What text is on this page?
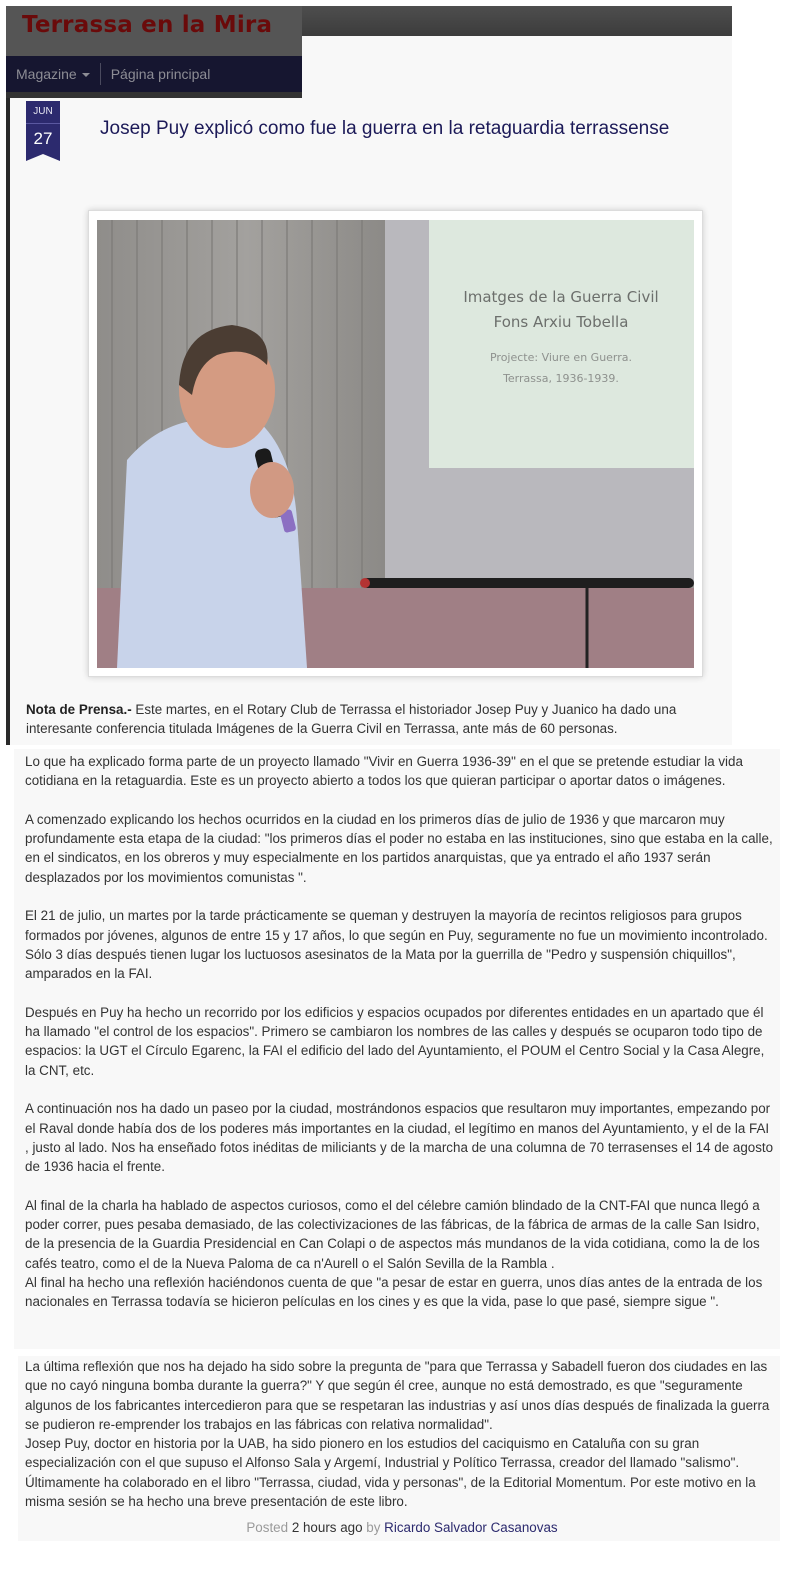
Terrassa en la Mira
Magazine	Página principal
JUN
27	Josep Puy explicó como fue la guerra en la retaguardia terrassense
Imatges de la Guerra Civil
Fons Arxiu Tobella
Projecte: Viure en Guerra.
Terrassa, 1936-1939.

Nota de Prensa.- Este martes, en el Rotary Club de Terrassa el historiador Josep Puy y Juanico ha dado una interesante conferencia titulada Imágenes de la Guerra Civil en Terrassa, ante más de 60 personas.

Lo que ha explicado forma parte de un proyecto llamado "Vivir en Guerra 1936-39" en el que se pretende estudiar la vida cotidiana en la retaguardia. Este es un proyecto abierto a todos los que quieran participar o aportar datos o imágenes.

A comenzado explicando los hechos ocurridos en la ciudad en los primeros días de julio de 1936 y que marcaron muy profundamente esta etapa de la ciudad: "los primeros días el poder no estaba en las instituciones, sino que estaba en la calle, en el sindicatos, en los obreros y muy especialmente en los partidos anarquistas, que ya entrado el año 1937 serán desplazados por los movimientos comunistas ".

El 21 de julio, un martes por la tarde prácticamente se queman y destruyen la mayoría de recintos religiosos para grupos formados por jóvenes, algunos de entre 15 y 17 años, lo que según en Puy, seguramente no fue un movimiento incontrolado. Sólo 3 días después tienen lugar los luctuosos asesinatos de la Mata por la guerrilla de "Pedro y suspensión chiquillos", amparados en la FAI.

Después en Puy ha hecho un recorrido por los edificios y espacios ocupados por diferentes entidades en un apartado que él ha llamado "el control de los espacios". Primero se cambiaron los nombres de las calles y después se ocuparon todo tipo de espacios: la UGT el Círculo Egarenc, la FAI el edificio del lado del Ayuntamiento, el POUM el Centro Social y la Casa Alegre, la CNT, etc.

A continuación nos ha dado un paseo por la ciudad, mostrándonos espacios que resultaron muy importantes, empezando por el Raval donde había dos de los poderes más importantes en la ciudad, el legítimo en manos del Ayuntamiento, y el de la FAI , justo al lado. Nos ha enseñado fotos inéditas de miliciants y de la marcha de una columna de 70 terrasenses el 14 de agosto de 1936 hacia el frente.

Al final de la charla ha hablado de aspectos curiosos, como el del célebre camión blindado de la CNT-FAI que nunca llegó a poder correr, pues pesaba demasiado, de las colectivizaciones de las fábricas, de la fábrica de armas de la calle San Isidro, de la presencia de la Guardia Presidencial en Can Colapi o de aspectos más mundanos de la vida cotidiana, como la de los cafés teatro, como el de la Nueva Paloma de ca n'Aurell o el Salón Sevilla de la Rambla .
Al final ha hecho una reflexión haciéndonos cuenta de que "a pesar de estar en guerra, unos días antes de la entrada de los nacionales en Terrassa todavía se hicieron películas en los cines y es que la vida, pase lo que pasé, siempre sigue ".

La última reflexión que nos ha dejado ha sido sobre la pregunta de "para que Terrassa y Sabadell fueron dos ciudades en las que no cayó ninguna bomba durante la guerra?" Y que según él cree, aunque no está demostrado, es que "seguramente algunos de los fabricantes intercedieron para que se respetaran las industrias y así unos días después de finalizada la guerra se pudieron re-emprender los trabajos en las fábricas con relativa normalidad".

Josep Puy, doctor en historia por la UAB, ha sido pionero en los estudios del caciquismo en Cataluña con su gran especialización con el que supuso el Alfonso Sala y Argemí, Industrial y Político Terrassa, creador del llamado "salismo". Últimamente ha colaborado en el libro "Terrassa, ciudad, vida y personas", de la Editorial Momentum. Por este motivo en la misma sesión se ha hecho una breve presentación de este libro.

Posted 2 hours ago by Ricardo Salvador Casanovas
